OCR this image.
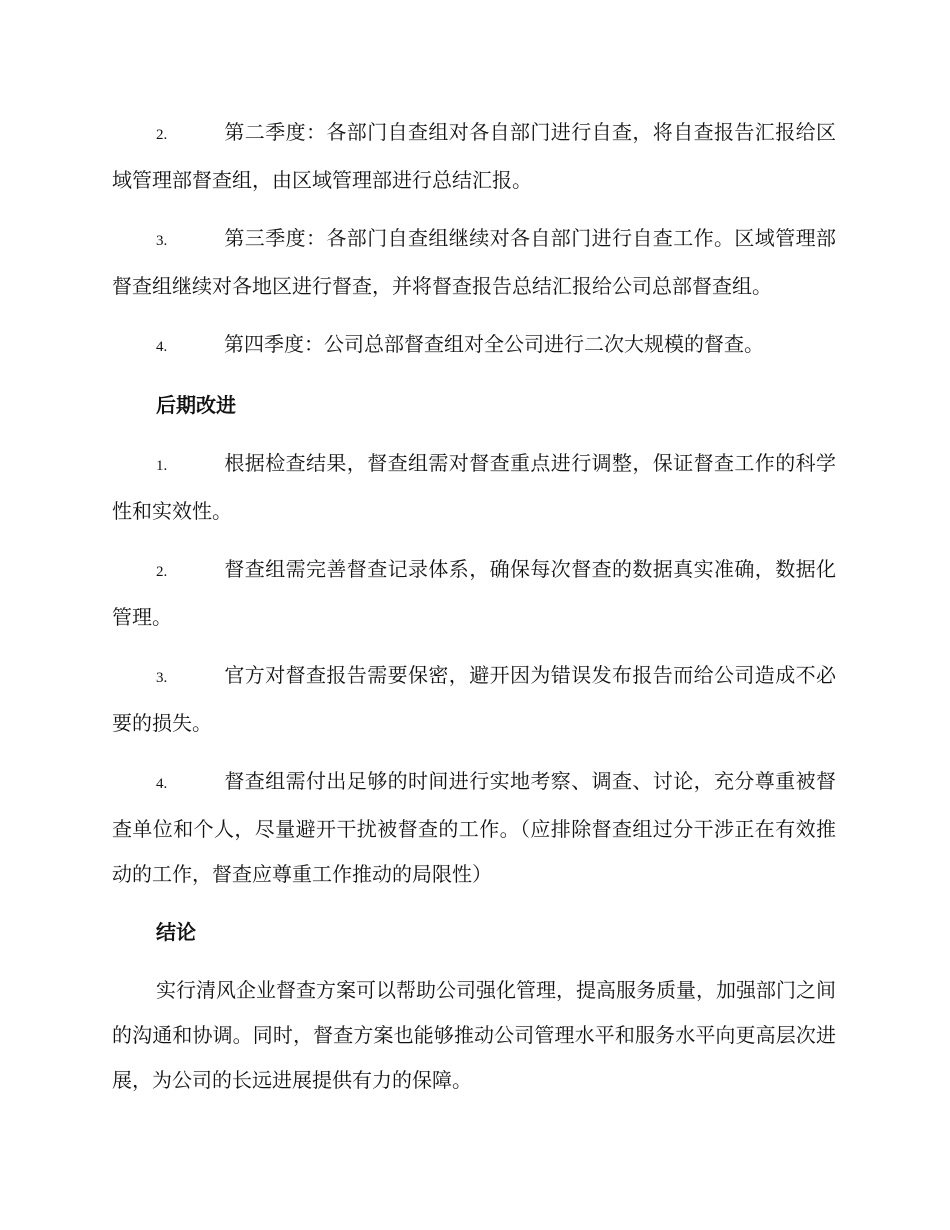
2.	第二季度：各部门自查组对各自部门进行自查，将自查报告汇报给区域管理部督查组，由区域管理部进行总结汇报。
3.	第三季度：各部门自查组继续对各自部门进行自查工作。区域管理部督查组继续对各地区进行督查，并将督查报告总结汇报给公司总部督查组。
4.	第四季度：公司总部督查组对全公司进行二次大规模的督查。
后期改进
1.	根据检查结果，督查组需对督查重点进行调整，保证督查工作的科学性和实效性。
2.	督查组需完善督查记录体系，确保每次督查的数据真实准确，数据化管理。
3.	官方对督查报告需要保密，避开因为错误发布报告而给公司造成不必要的损失。
4.	督查组需付出足够的时间进行实地考察、调查、讨论，充分尊重被督查单位和个人，尽量避开干扰被督查的工作。（应排除督查组过分干涉正在有效推动的工作，督查应尊重工作推动的局限性）
结论
实行清风企业督查方案可以帮助公司强化管理，提高服务质量，加强部门之间的沟通和协调。同时，督查方案也能够推动公司管理水平和服务水平向更高层次进展，为公司的长远进展提供有力的保障。
